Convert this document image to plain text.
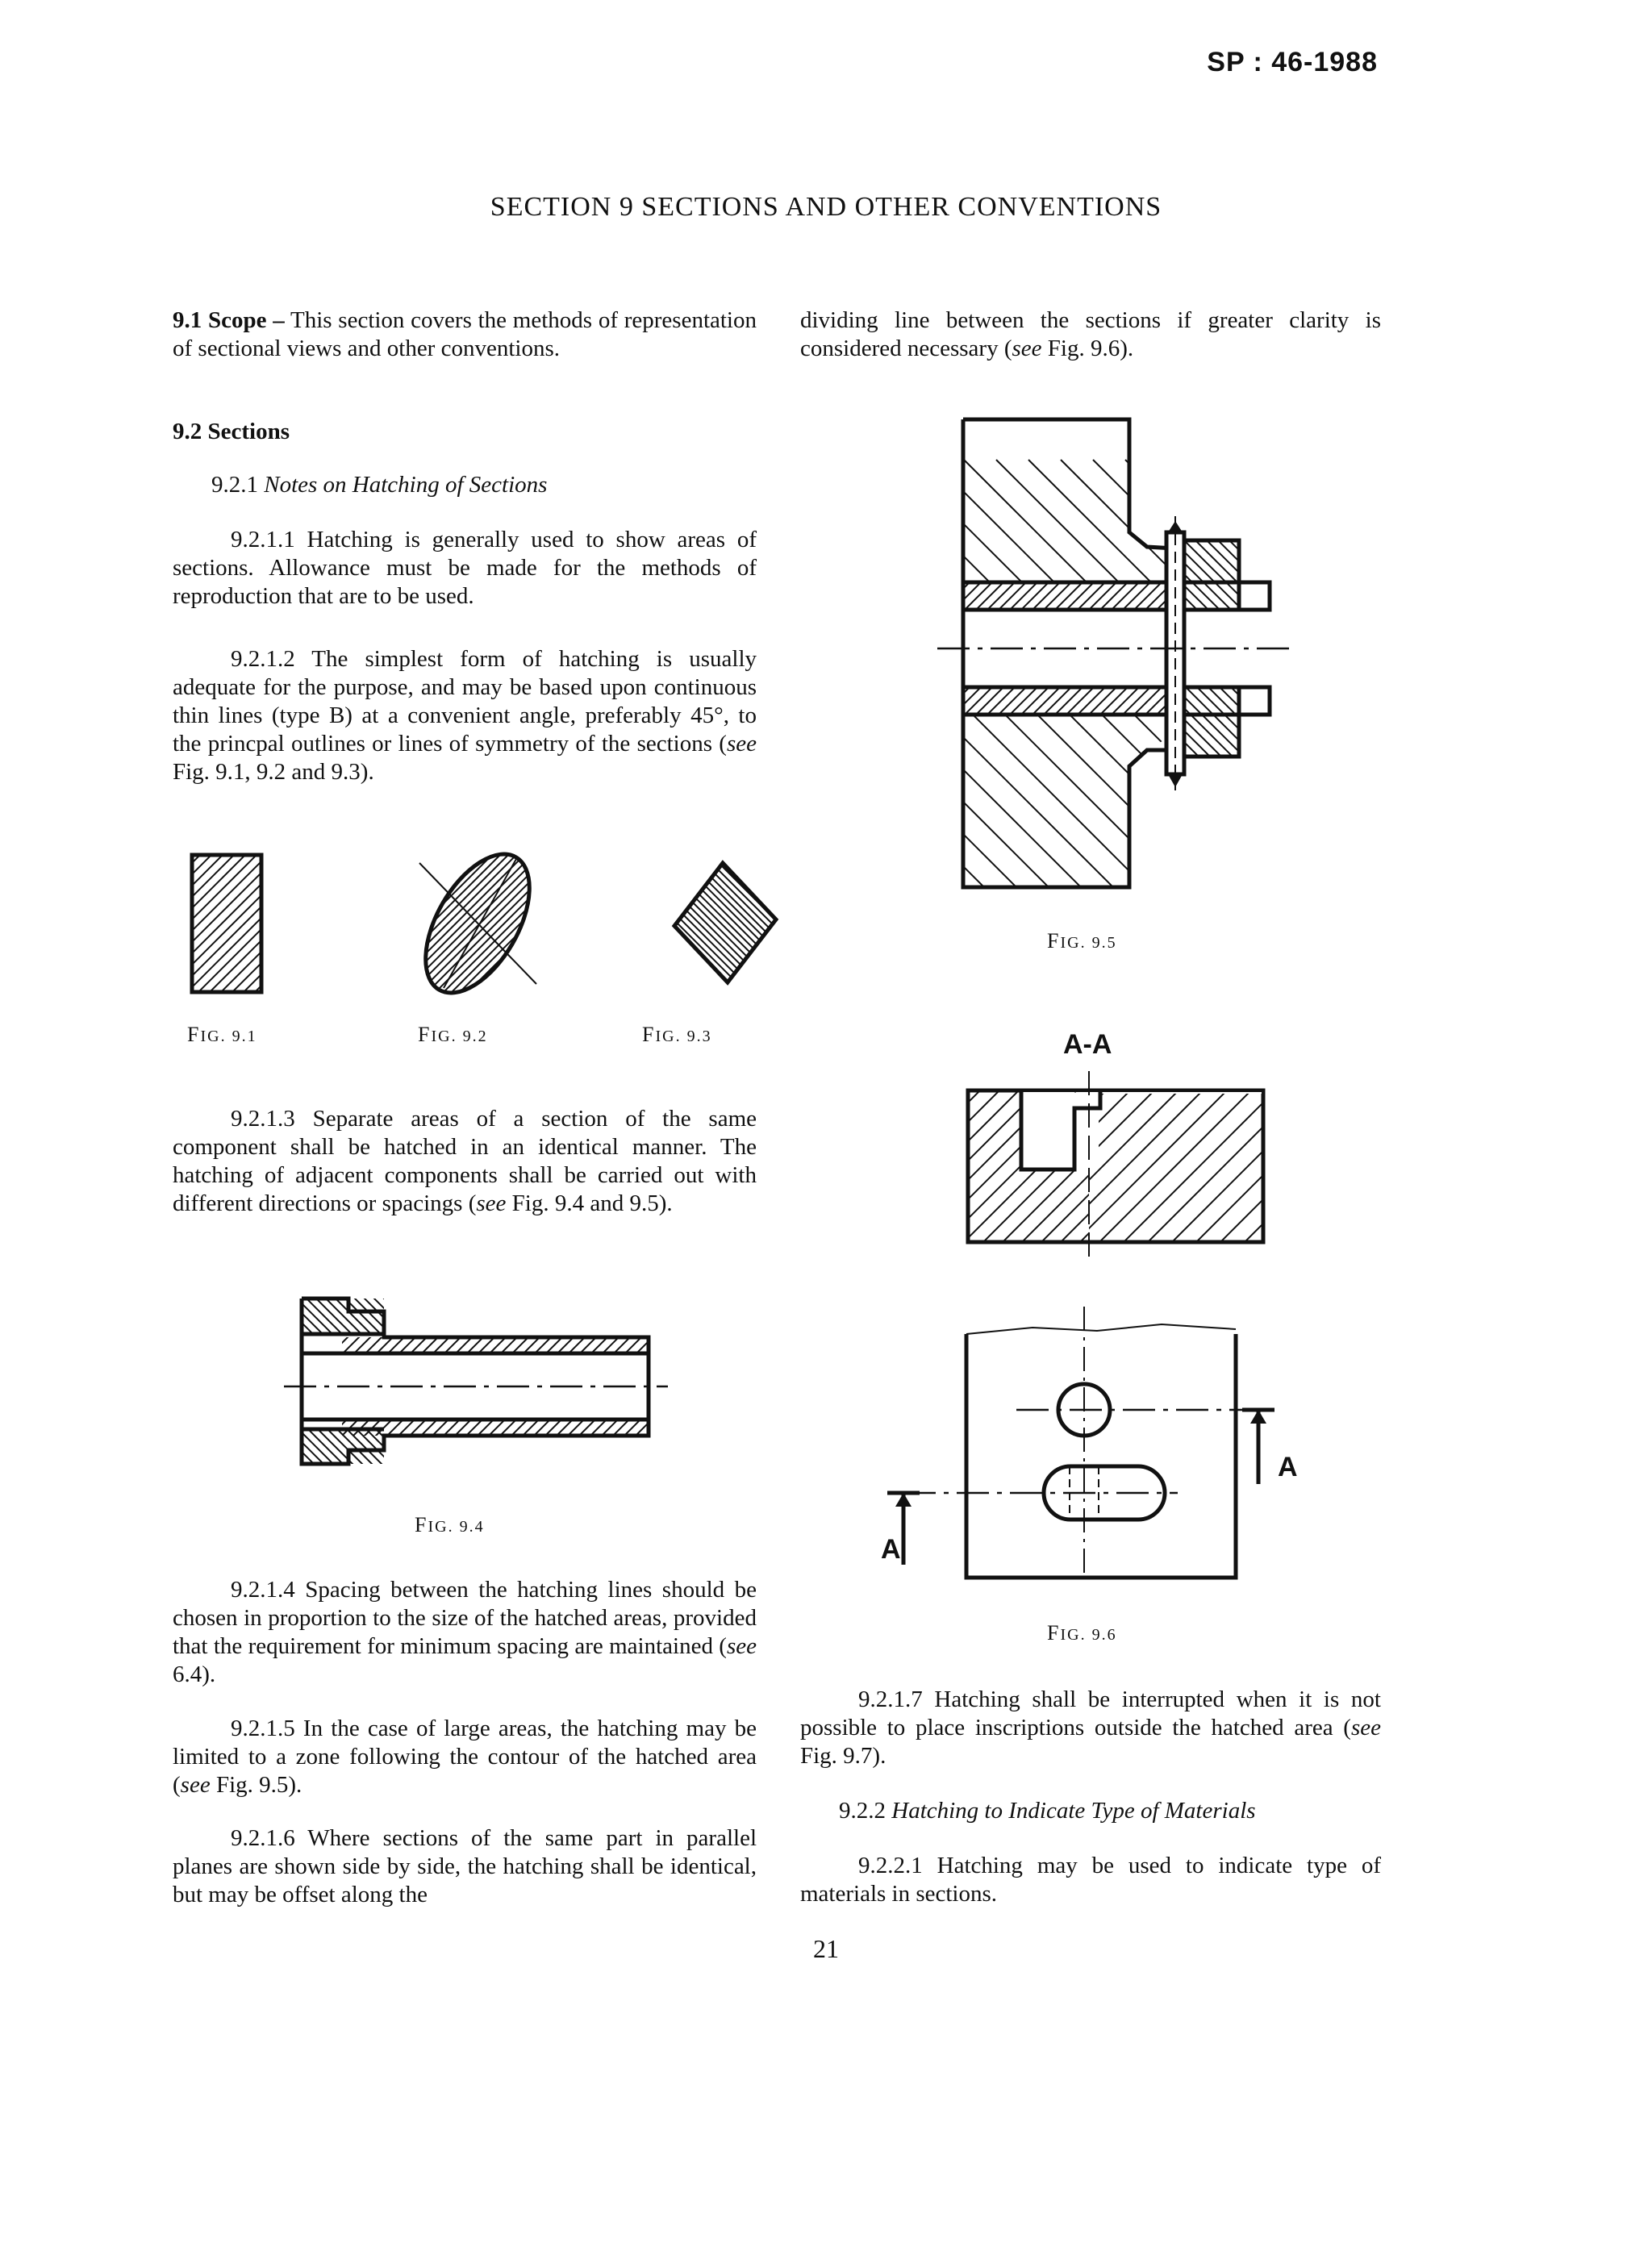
SP : 46-1988
SECTION 9 SECTIONS AND OTHER CONVENTIONS

9.1 Scope – This section covers the methods of representation of sectional views and other conventions.

9.2 Sections
9.2.1 Notes on Hatching of Sections

9.2.1.1 Hatching is generally used to show areas of sections. Allowance must be made for the methods of reproduction that are to be used.

9.2.1.2 The simplest form of hatching is usually adequate for the purpose, and may be based upon continuous thin lines (type B) at a convenient angle, preferably 45°, to the princpal outlines or lines of symmetry of the sections (see Fig. 9.1, 9.2 and 9.3).

FIG. 9.1	FIG. 9.2	FIG. 9.3

9.2.1.3 Separate areas of a section of the same component shall be hatched in an identical manner. The hatching of adjacent components shall be carried out with different directions or spacings (see Fig. 9.4 and 9.5).

FIG. 9.4

9.2.1.4 Spacing between the hatching lines should be chosen in proportion to the size of the hatched areas, provided that the requirement for minimum spacing are maintained (see 6.4).

9.2.1.5 In the case of large areas, the hatching may be limited to a zone following the contour of the hatched area (see Fig. 9.5).

9.2.1.6 Where sections of the same part in parallel planes are shown side by side, the hatching shall be identical, but may be offset along the

dividing line between the sections if greater clarity is considered necessary (see Fig. 9.6).

FIG. 9.5
A-A
A
A
FIG. 9.6

9.2.1.7 Hatching shall be interrupted when it is not possible to place inscriptions outside the hatched area (see Fig. 9.7).

9.2.2 Hatching to Indicate Type of Materials

9.2.2.1 Hatching may be used to indicate type of materials in sections.

21
